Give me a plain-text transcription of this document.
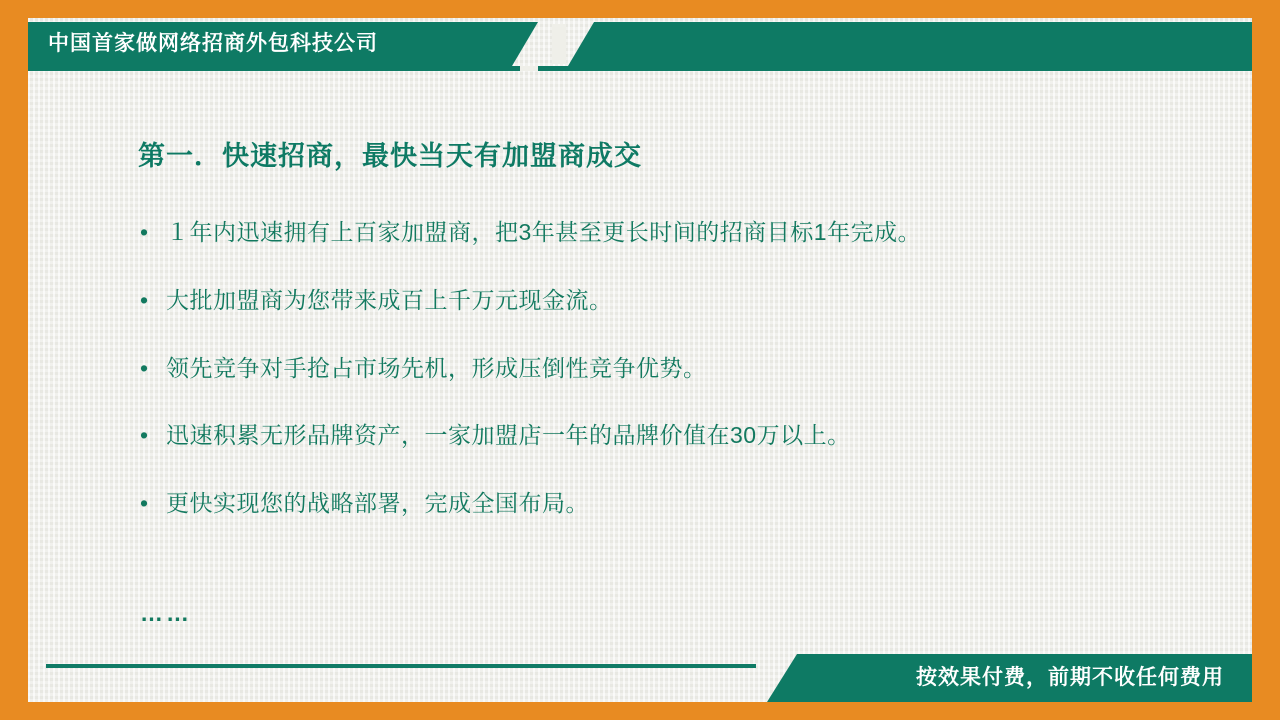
中国首家做网络招商外包科技公司
第一．快速招商，最快当天有加盟商成交
• １年内迅速拥有上百家加盟商，把3年甚至更长时间的招商目标1年完成。
• 大批加盟商为您带来成百上千万元现金流。
• 领先竞争对手抢占市场先机，形成压倒性竞争优势。
• 迅速积累无形品牌资产，一家加盟店一年的品牌价值在30万以上。
• 更快实现您的战略部署，完成全国布局。
……
按效果付费，前期不收任何费用
